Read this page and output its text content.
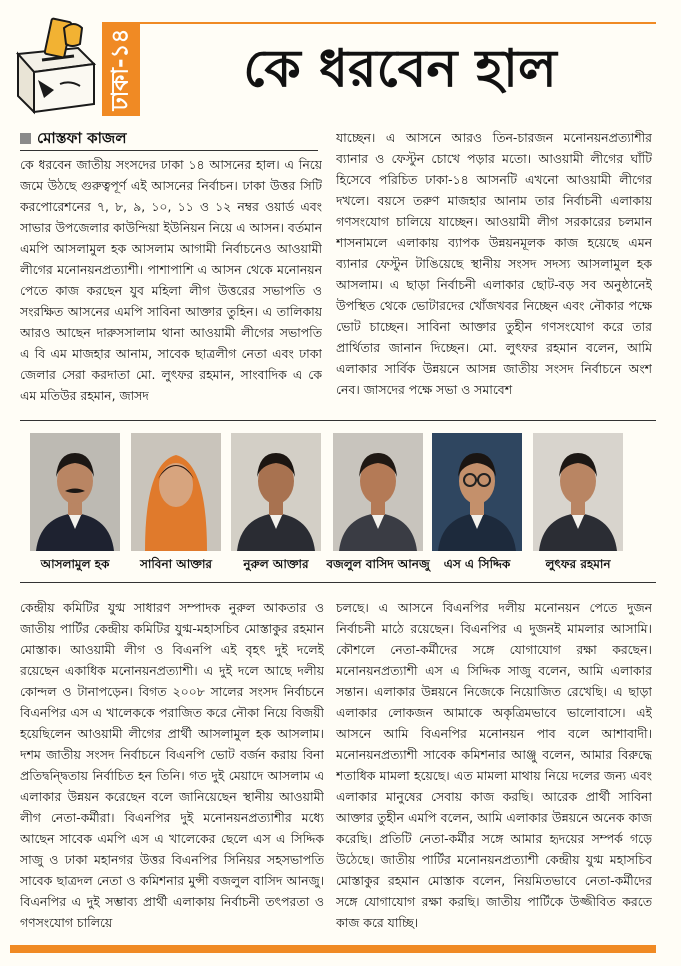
ঢাকা-১৪	কে ধরবেন হাল
মোস্তফা কাজল

কে ধরবেন জাতীয় সংসদের ঢাকা ১৪ আসনের হাল। এ নিয়ে জমে উঠছে গুরুত্বপূর্ণ এই আসনের নির্বাচন। ঢাকা উত্তর সিটি করপোরেশনের ৭, ৮, ৯, ১০, ১১ ও ১২ নম্বর ওয়ার্ড এবং সাভার উপজেলার কাউন্দিয়া ইউনিয়ন নিয়ে এ আসন। বর্তমান এমপি আসলামুল হক আসলাম আগামী নির্বাচনেও আওয়ামী লীগের মনোনয়নপ্রত্যাশী। পাশাপাশি এ আসন থেকে মনোনয়ন পেতে কাজ করছেন যুব মহিলা লীগ উত্তরের সভাপতি ও সংরক্ষিত আসনের এমপি সাবিনা আক্তার তুহিন। এ তালিকায় আরও আছেন দারুসসালাম থানা আওয়ামী লীগের সভাপতি এ বি এম মাজহার আনাম, সাবেক ছাত্রলীগ নেতা এবং ঢাকা জেলার সেরা করদাতা মো. লুৎফর রহমান, সাংবাদিক এ কে এম মতিউর রহমান, জাসদ

যাচ্ছেন। এ আসনে আরও তিন-চারজন মনোনয়নপ্রত্যাশীর ব্যানার ও ফেস্টুন চোখে পড়ার মতো। আওয়ামী লীগের ঘাঁটি হিসেবে পরিচিত ঢাকা-১৪ আসনটি এখনো আওয়ামী লীগের দখলে। বয়সে তরুণ মাজহার আনাম তার নির্বাচনী এলাকায় গণসংযোগ চালিয়ে যাচ্ছেন। আওয়ামী লীগ সরকারের চলমান শাসনামলে এলাকায় ব্যাপক উন্নয়নমূলক কাজ হয়েছে এমন ব্যানার ফেস্টুন টাঙিয়েছে স্থানীয় সংসদ সদস্য আসলামুল হক আসলাম। এ ছাড়া নির্বাচনী এলাকার ছোট-বড় সব অনুষ্ঠানেই উপস্থিত থেকে ভোটারদের খোঁজখবর নিচ্ছেন এবং নৌকার পক্ষে ভোট চাচ্ছেন। সাবিনা আক্তার তুহীন গণসংযোগ করে তার প্রার্থিতার জানান দিচ্ছেন। মো. লুৎফর রহমান বলেন, আমি এলাকার সার্বিক উন্নয়নে আসন্ন জাতীয় সংসদ নির্বাচনে অংশ নেব। জাসদের পক্ষে সভা ও সমাবেশ

আসলামুল হক	সাবিনা আক্তার	নুরুল আক্তার	বজলুল বাসিদ আনজু	এস এ সিদ্দিক	লুৎফর রহমান

কেন্দ্রীয় কমিটির যুগ্ম সাধারণ সম্পাদক নুরুল আকতার ও জাতীয় পার্টির কেন্দ্রীয় কমিটির যুগ্ম-মহাসচিব মোস্তাকুর রহমান মোস্তাক। আওয়ামী লীগ ও বিএনপি এই বৃহৎ দুই দলেই রয়েছেন একাধিক মনোনয়নপ্রত্যাশী। এ দুই দলে আছে দলীয় কোন্দল ও টানাপড়েন। বিগত ২০০৮ সালের সংসদ নির্বাচনে বিএনপির এস এ খালেককে পরাজিত করে নৌকা নিয়ে বিজয়ী হয়েছিলেন আওয়ামী লীগের প্রার্থী আসলামুল হক আসলাম। দশম জাতীয় সংসদ নির্বাচনে বিএনপি ভোট বর্জন করায় বিনা প্রতিদ্বন্দ্বিতায় নির্বাচিত হন তিনি। গত দুই মেয়াদে আসলাম এ এলাকার উন্নয়ন করেছেন বলে জানিয়েছেন স্থানীয় আওয়ামী লীগ নেতা-কর্মীরা। বিএনপির দুই মনোনয়নপ্রত্যাশীর মধ্যে আছেন সাবেক এমপি এস এ খালেকের ছেলে এস এ সিদ্দিক সাজু ও ঢাকা মহানগর উত্তর বিএনপির সিনিয়র সহসভাপতি সাবেক ছাত্রদল নেতা ও কমিশনার মুন্সী বজলুল বাসিদ আনজু। বিএনপির এ দুই সম্ভাব্য প্রার্থী এলাকায় নির্বাচনী তৎপরতা ও গণসংযোগ চালিয়ে

চলছে। এ আসনে বিএনপির দলীয় মনোনয়ন পেতে দুজন নির্বাচনী মাঠে রয়েছেন। বিএনপির এ দুজনই মামলার আসামি। কৌশলে নেতা-কর্মীদের সঙ্গে যোগাযোগ রক্ষা করছেন। মনোনয়নপ্রত্যাশী এস এ সিদ্দিক সাজু বলেন, আমি এলাকার সন্তান। এলাকার উন্নয়নে নিজেকে নিয়োজিত রেখেছি। এ ছাড়া এলাকার লোকজন আমাকে অকৃত্রিমভাবে ভালোবাসে। এই আসনে আমি বিএনপির মনোনয়ন পাব বলে আশাবাদী। মনোনয়নপ্রত্যাশী সাবেক কমিশনার আঞ্জু বলেন, আমার বিরুদ্ধে শতাধিক মামলা হয়েছে। এত মামলা মাথায় নিয়ে দলের জন্য এবং এলাকার মানুষের সেবায় কাজ করছি। আরেক প্রার্থী সাবিনা আক্তার তুহীন এমপি বলেন, আমি এলাকার উন্নয়নে অনেক কাজ করেছি। প্রতিটি নেতা-কর্মীর সঙ্গে আমার হৃদয়ের সম্পর্ক গড়ে উঠেছে। জাতীয় পার্টির মনোনয়নপ্রত্যাশী কেন্দ্রীয় যুগ্ম মহাসচিব মোস্তাকুর রহমান মোস্তাক বলেন, নিয়মিতভাবে নেতা-কর্মীদের সঙ্গে যোগাযোগ রক্ষা করছি। জাতীয় পার্টিকে উজ্জীবিত করতে কাজ করে যাচ্ছি।
